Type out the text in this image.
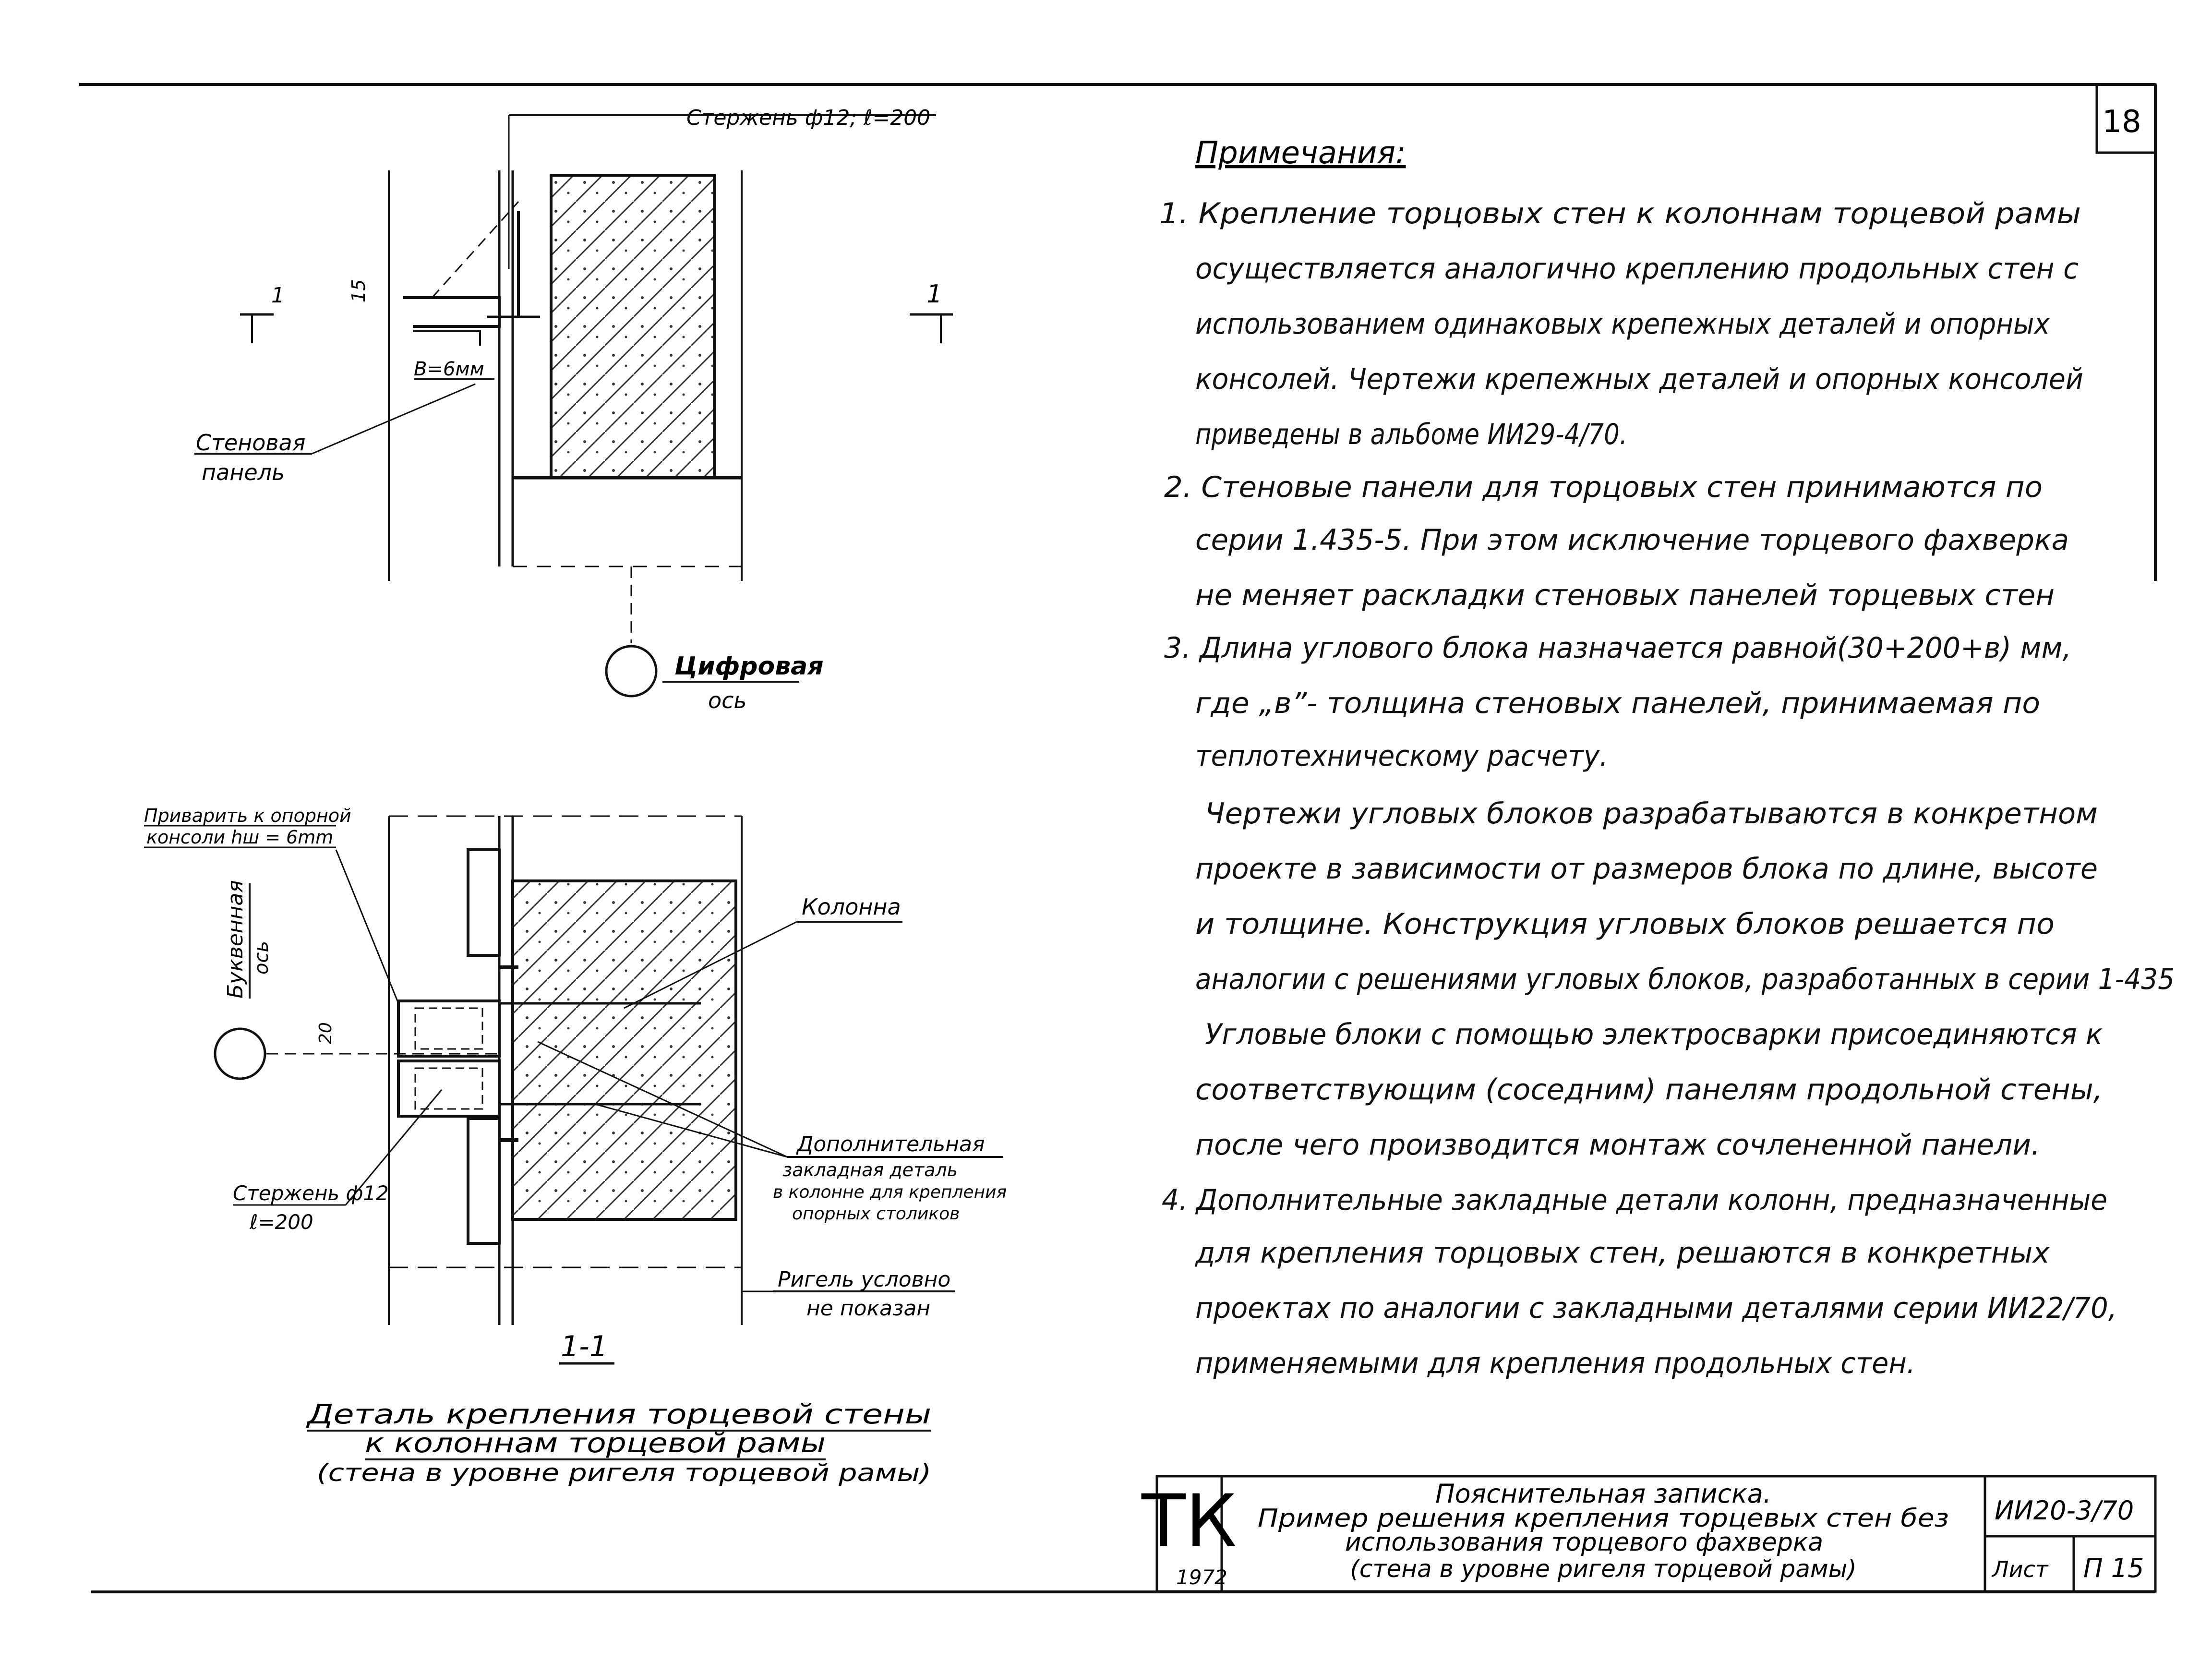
18
Стержень ф12; ℓ=200
1	1
15
B=6мм
Стеновая
панель
Цифровая
ось
Приварить к опорной
консоли hш = 6mm
Буквенная ось
20
Колонна
Дополнительная
закладная деталь
в колонне для крепления
опорных столиков
Стержень ф12
ℓ=200
Ригель условно
не показан
1-1
Деталь крепления торцевой стены
к колоннам торцевой рамы
(стена в уровне ригеля торцевой рамы)
Примечания:
1. Крепление торцовых стен к колоннам торцевой рамы
осуществляется аналогично креплению продольных стен с
использованием одинаковых крепежных деталей и опорных
консолей. Чертежи крепежных деталей и опорных консолей
приведены в альбоме ИИ29-4/70.
2. Стеновые панели для торцовых стен принимаются по
серии 1.435-5. При этом исключение торцевого фахверка
не меняет раскладки стеновых панелей торцевых стен
3. Длина углового блока назначается равной(30+200+в) мм,
где „в”- толщина стеновых панелей, принимаемая по
теплотехническому расчету.
Чертежи угловых блоков разрабатываются в конкретном
проекте в зависимости от размеров блока по длине, высоте
и толщине. Конструкция угловых блоков решается по
аналогии с решениями угловых блоков, разработанных в серии 1-435
Угловые блоки с помощью электросварки присоединяются к
соответствующим (соседним) панелям продольной стены,
после чего производится монтаж сочлененной панели.
4. Дополнительные закладные детали колонн, предназначенные
для крепления торцовых стен, решаются в конкретных
проектах по аналогии с закладными деталями серии ИИ22/70,
применяемыми для крепления продольных стен.
ТК
1972
Пояснительная записка.
Пример решения крепления торцевых стен без
использования торцевого фахверка
(стена в уровне ригеля торцевой рамы)
ИИ20-3/70
Лист П 15
